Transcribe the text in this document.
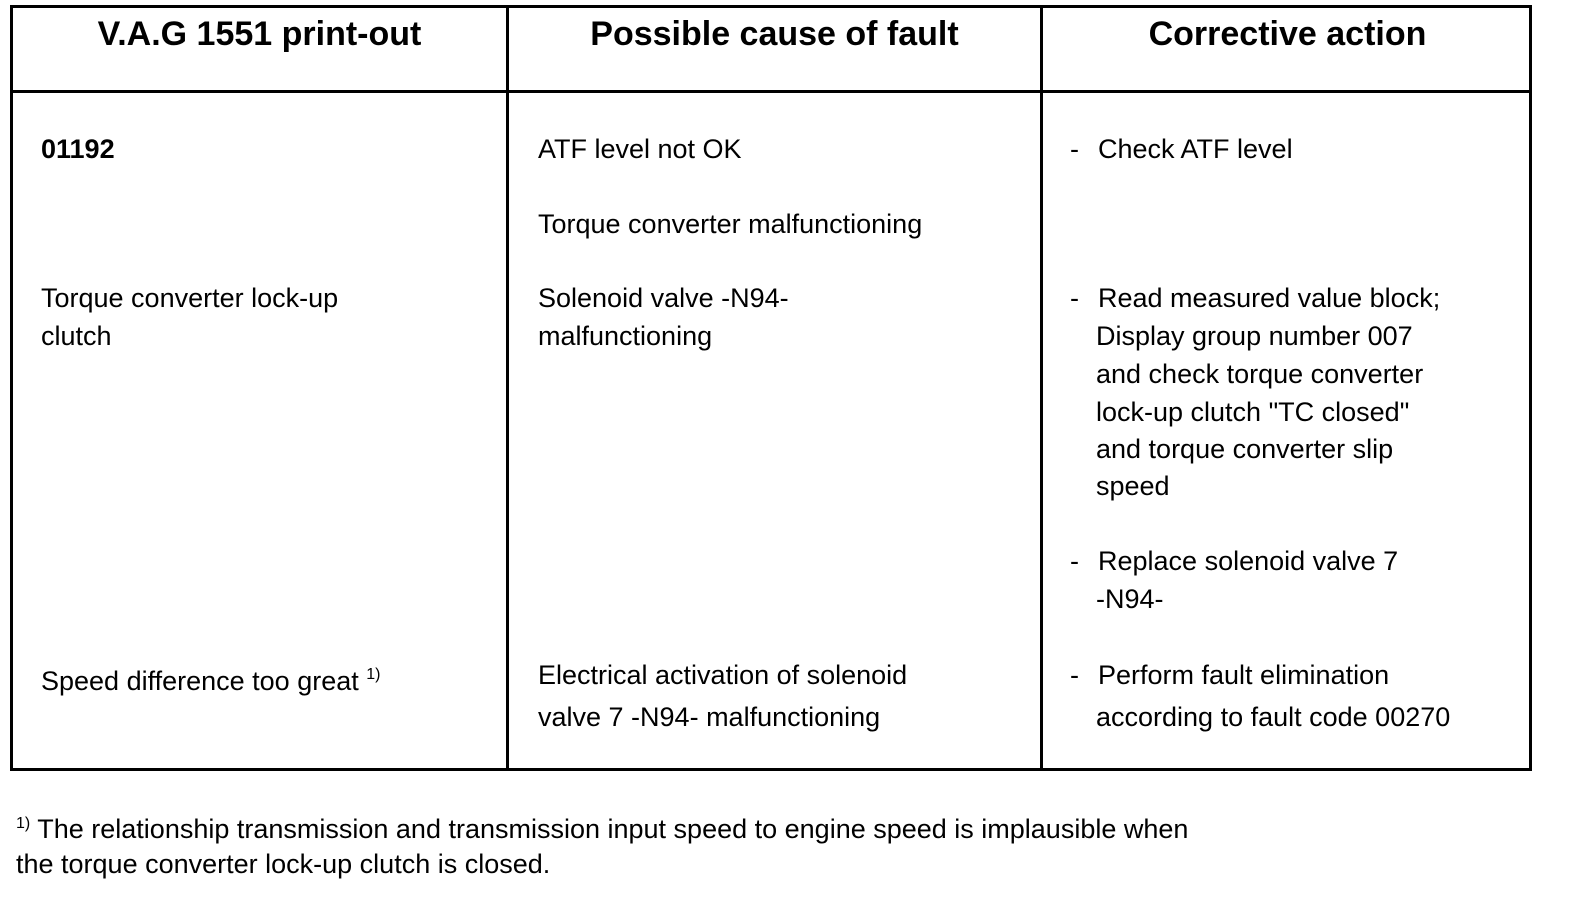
V.A.G 1551 print-out	Possible cause of fault	Corrective action
01192
Torque converter lock-up
clutch
Speed difference too great $^{1)}$
ATF level not OK
Torque converter malfunctioning
Solenoid valve -N94-
malfunctioning
Electrical activation of solenoid
valve 7 -N94- malfunctioning
- Check ATF level
- Read measured value block;
Display group number 007
and check torque converter
lock-up clutch "TC closed"
and torque converter slip
speed
- Replace solenoid valve 7
-N94-
- Perform fault elimination
according to fault code 00270
$^{1)}$ The relationship transmission and transmission input speed to engine speed is implausible when
the torque converter lock-up clutch is closed.
